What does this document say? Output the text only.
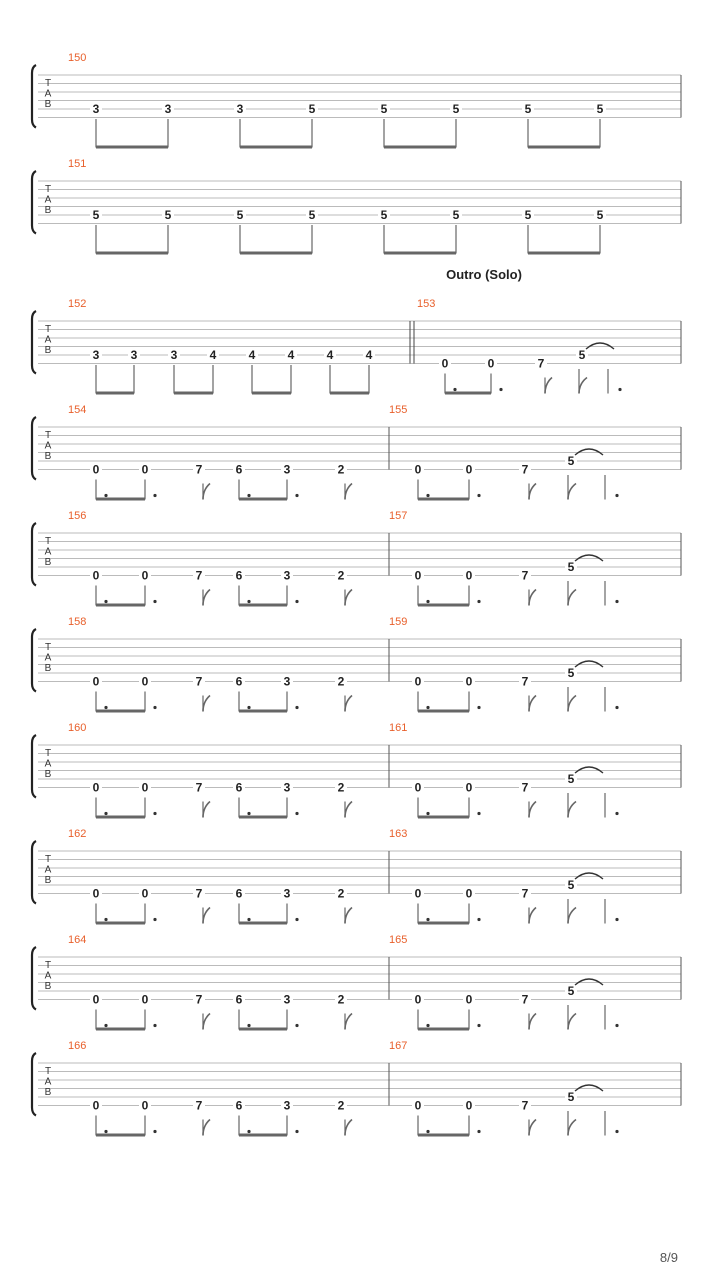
T
A
B
150
3	3	3	5	5	5	5	5
T
A
B
151
5	5	5	5	5	5	5	5
T
A
B
152
3	3	3	4	4	4	4	4
153
Outro (Solo)
0	0	7
5
T
A
B
154
0	0	7	6	3	2
155
0	0	7
5
T
A
B
156
0	0	7	6	3	2
157
0	0	7
5
T
A
B
158
0	0	7	6	3	2
159
0	0	7
5
T
A
B
160
0	0	7	6	3	2
161
0	0	7
5
T
A
B
162
0	0	7	6	3	2
163
0	0	7
5
T
A
B
164
0	0	7	6	3	2
165
0	0	7
5
T
A
B
166
0	0	7	6	3	2
167
0	0	7
5
8/9
